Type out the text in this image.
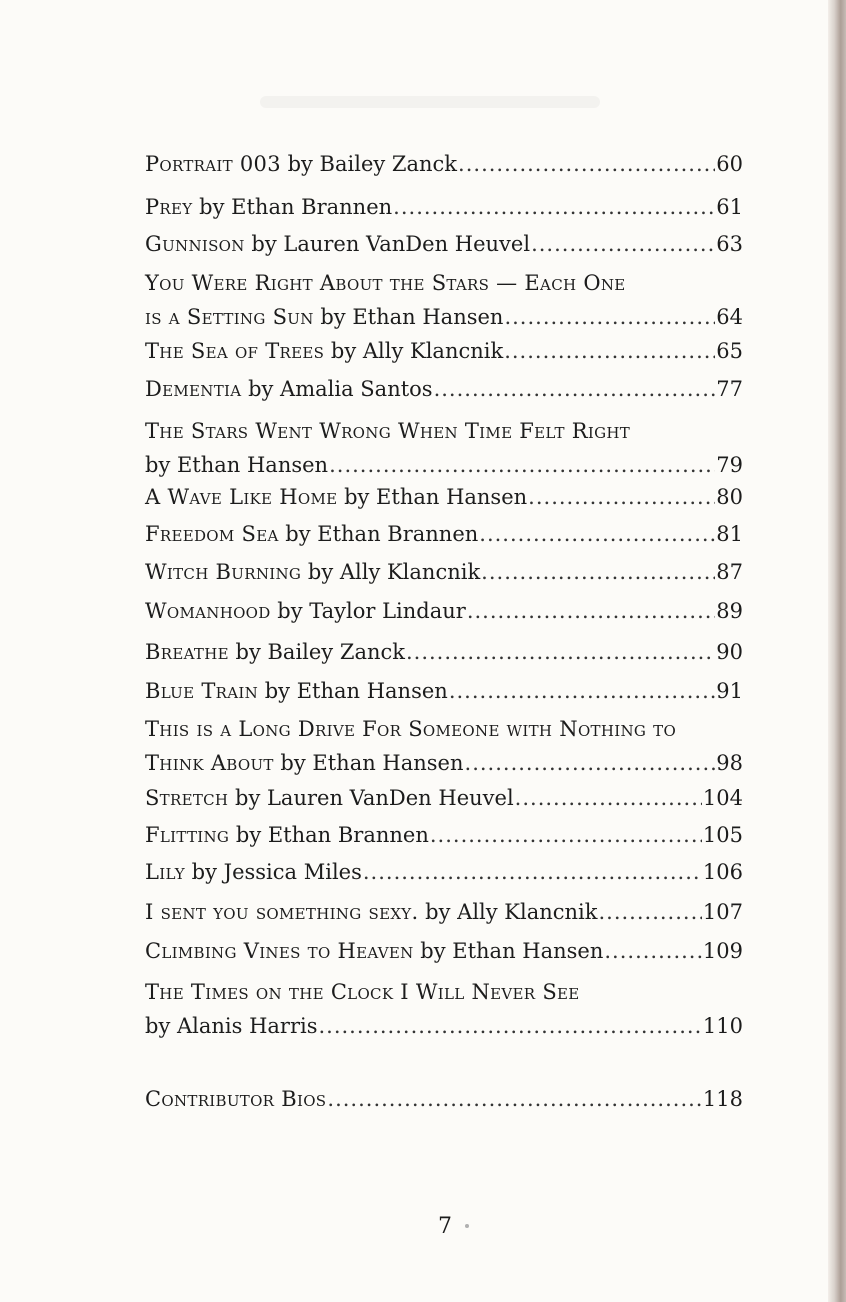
Portrait 003
by Bailey Zanck .....	60
Prey
by Ethan Brannen .....	61
Gunnison
by Lauren VanDen Heuvel .....	63
You Were Right About the Stars — Each One
is a Setting Sun
by Ethan Hansen .....	64
The Sea of Trees
by Ally Klancnik .....	65
Dementia
by Amalia Santos .....	77
The Stars Went Wrong When Time Felt Right
by Ethan Hansen .....	79
A Wave Like Home
by Ethan Hansen .....	80
Freedom Sea
by Ethan Brannen .....	81
Witch Burning
by Ally Klancnik .....	87
Womanhood
by Taylor Lindaur .....	89
Breathe
by Bailey Zanck .....	90
Blue Train
by Ethan Hansen .....	91
This is a Long Drive For Someone with Nothing to
Think About
by Ethan Hansen .....	98
Stretch
by Lauren VanDen Heuvel .....	104
Flitting
by Ethan Brannen .....	105
Lily
by Jessica Miles .....	106
I sent you something sexy.
by Ally Klancnik .....	107
Climbing Vines to Heaven
by Ethan Hansen .....	109
The Times on the Clock I Will Never See
by Alanis Harris .....	110
Contributor Bios .....	118
7
